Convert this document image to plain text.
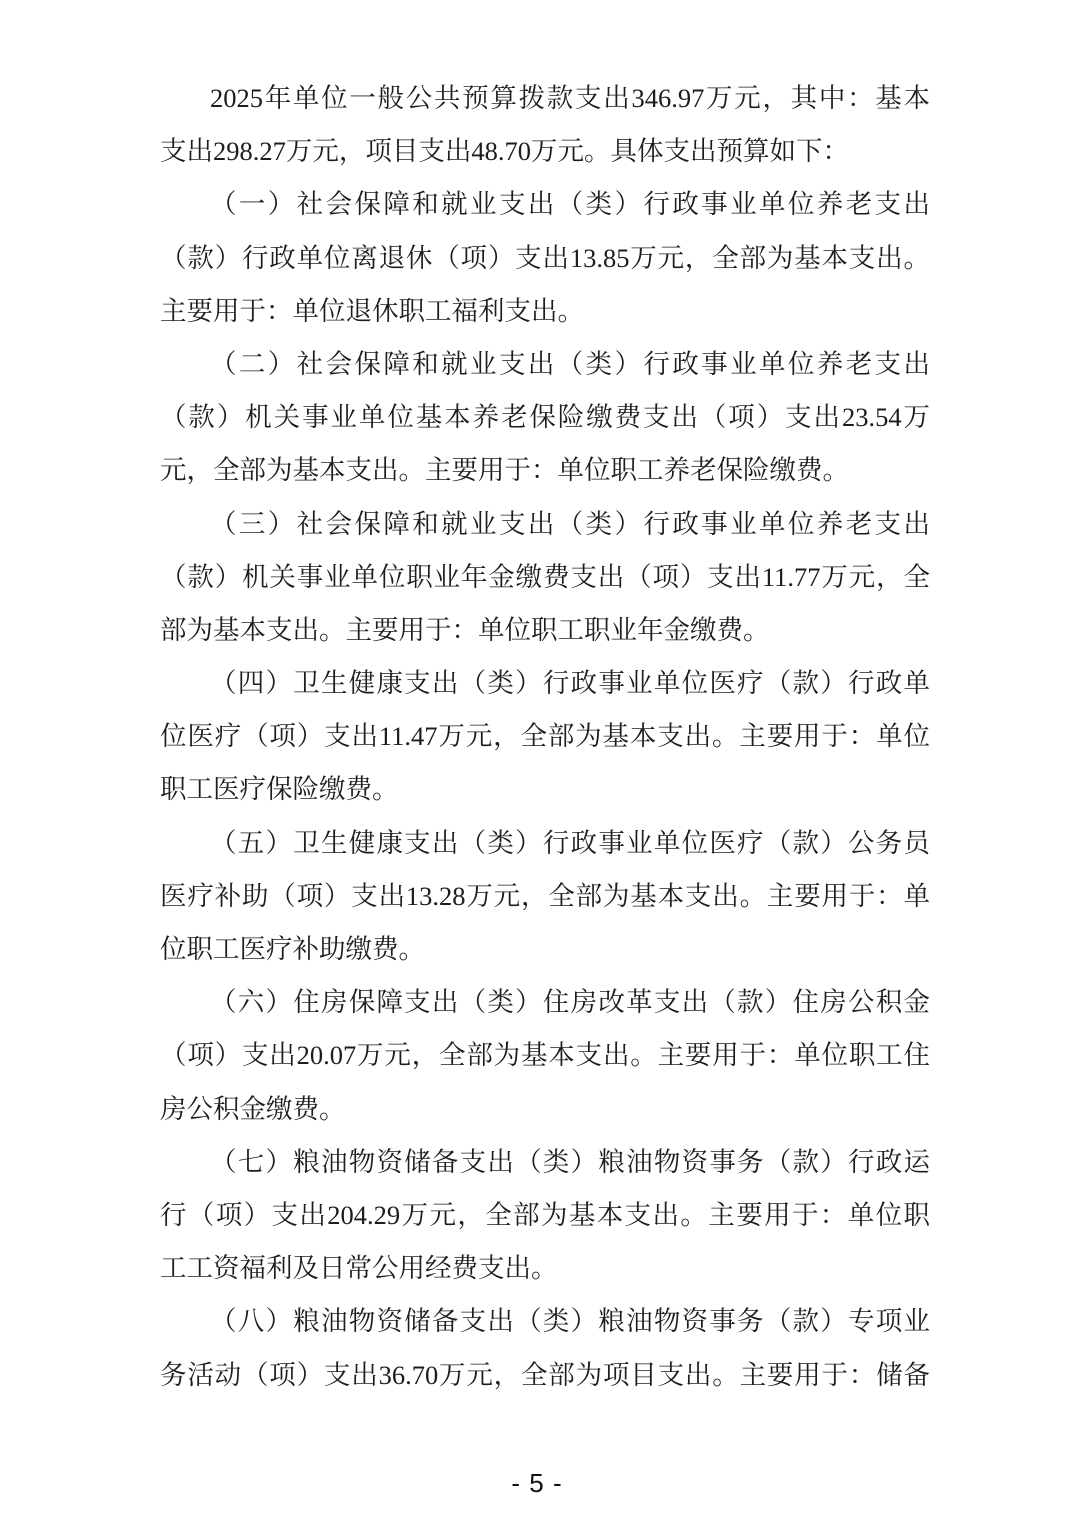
2025年单位一般公共预算拨款支出346.97万元，其中：基本
支出298.27万元，项目支出48.70万元。具体支出预算如下：

（一）社会保障和就业支出（类）行政事业单位养老支出
（款）行政单位离退休（项）支出13.85万元，全部为基本支出。
主要用于：单位退休职工福利支出。

（二）社会保障和就业支出（类）行政事业单位养老支出
（款）机关事业单位基本养老保险缴费支出（项）支出23.54万
元，全部为基本支出。主要用于：单位职工养老保险缴费。

（三）社会保障和就业支出（类）行政事业单位养老支出
（款）机关事业单位职业年金缴费支出（项）支出11.77万元，全
部为基本支出。主要用于：单位职工职业年金缴费。

（四）卫生健康支出（类）行政事业单位医疗（款）行政单
位医疗（项）支出11.47万元，全部为基本支出。主要用于：单位
职工医疗保险缴费。

（五）卫生健康支出（类）行政事业单位医疗（款）公务员
医疗补助（项）支出13.28万元，全部为基本支出。主要用于：单
位职工医疗补助缴费。

（六）住房保障支出（类）住房改革支出（款）住房公积金
（项）支出20.07万元，全部为基本支出。主要用于：单位职工住
房公积金缴费。

（七）粮油物资储备支出（类）粮油物资事务（款）行政运
行（项）支出204.29万元，全部为基本支出。主要用于：单位职
工工资福利及日常公用经费支出。

（八）粮油物资储备支出（类）粮油物资事务（款）专项业
务活动（项）支出36.70万元，全部为项目支出。主要用于：储备

- 5 -
